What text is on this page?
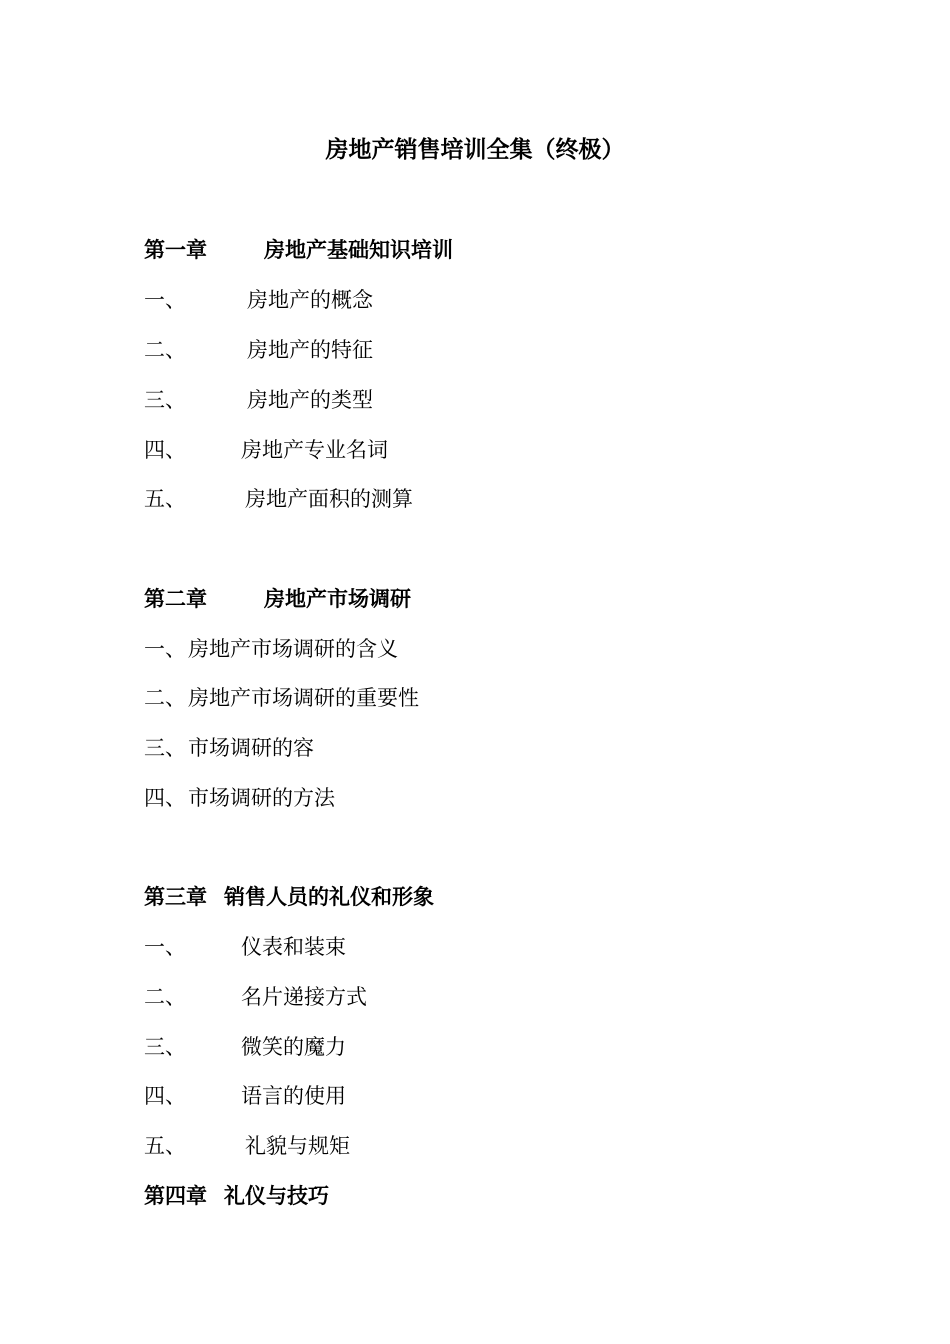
房地产销售培训全集（终极）
第一章	房地产基础知识培训
一、	房地产的概念
二、	房地产的特征
三、	房地产的类型
四、	房地产专业名词
五、	房地产面积的测算
第二章	房地产市场调研
一、 房地产市场调研的含义
二、 房地产市场调研的重要性
三、 市场调研的容
四、 市场调研的方法
第三章 销售人员的礼仪和形象
一、	仪表和装束
二、	名片递接方式
三、	微笑的魔力
四、	语言的使用
五、	礼貌与规矩
第四章 礼仪与技巧
